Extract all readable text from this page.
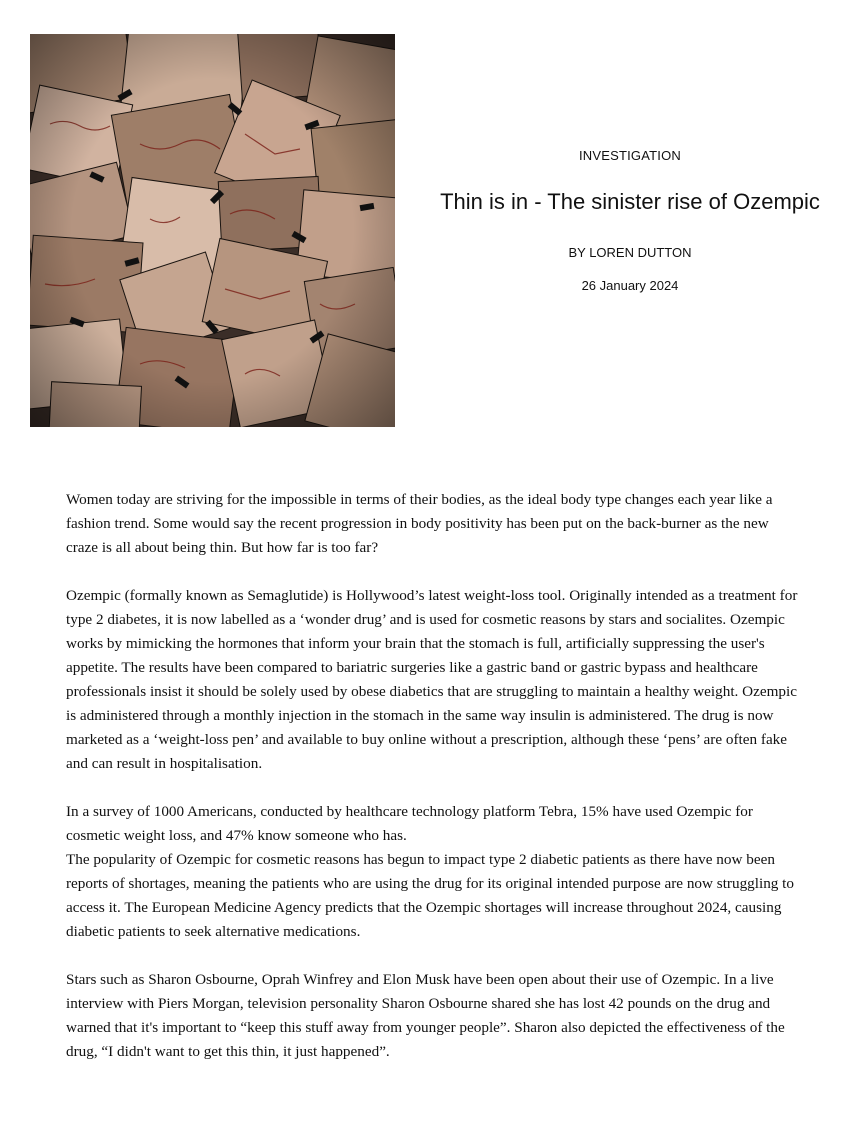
INVESTIGATION

Thin is in - The sinister rise of Ozempic

BY LOREN DUTTON

26 January 2024

Women today are striving for the impossible in terms of their bodies, as the ideal body type changes each year like a fashion trend. Some would say the recent progression in body positivity has been put on the back-burner as the new craze is all about being thin. But how far is too far?

Ozempic (formally known as Semaglutide) is Hollywood’s latest weight-loss tool. Originally intended as a treatment for type 2 diabetes, it is now labelled as a ‘wonder drug’ and is used for cosmetic reasons by stars and socialites. Ozempic works by mimicking the hormones that inform your brain that the stomach is full, artificially suppressing the user's appetite. The results have been compared to bariatric surgeries like a gastric band or gastric bypass and healthcare professionals insist it should be solely used by obese diabetics that are struggling to maintain a healthy weight. Ozempic is administered through a monthly injection in the stomach in the same way insulin is administered. The drug is now marketed as a ‘weight-loss pen’ and available to buy online without a prescription, although these ‘pens’ are often fake and can result in hospitalisation.

In a survey of 1000 Americans, conducted by healthcare technology platform Tebra, 15% have used Ozempic for cosmetic weight loss, and 47% know someone who has.

The popularity of Ozempic for cosmetic reasons has begun to impact type 2 diabetic patients as there have now been reports of shortages, meaning the patients who are using the drug for its original intended purpose are now struggling to access it. The European Medicine Agency predicts that the Ozempic shortages will increase throughout 2024, causing diabetic patients to seek alternative medications.

Stars such as Sharon Osbourne, Oprah Winfrey and Elon Musk have been open about their use of Ozempic. In a live interview with Piers Morgan, television personality Sharon Osbourne shared she has lost 42 pounds on the drug and warned that it's important to “keep this stuff away from younger people”. Sharon also depicted the effectiveness of the drug, “I didn't want to get this thin, it just happened”.
